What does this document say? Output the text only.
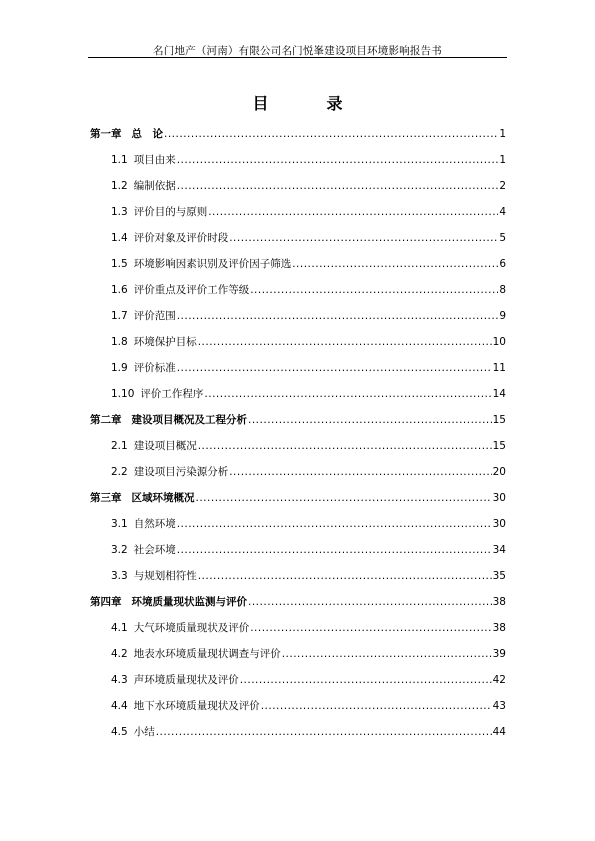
名门地产（河南）有限公司名门悦峯建设项目环境影响报告书
目	录
第一章 总　论 .....	1
1.1 项目由来 .....	1
1.2 编制依据 .....	2
1.3 评价目的与原则 .....	4
1.4 评价对象及评价时段 .....	5
1.5 环境影响因素识别及评价因子筛选 .....	6
1.6 评价重点及评价工作等级 .....	8
1.7 评价范围 .....	9
1.8 环境保护目标 .....	10
1.9 评价标准 .....	11
1.10 评价工作程序 .....	14
第二章 建设项目概况及工程分析 .....	15
2.1 建设项目概况 .....	15
2.2 建设项目污染源分析 .....	20
第三章 区域环境概况 .....	30
3.1 自然环境 .....	30
3.2 社会环境 .....	34
3.3 与规划相符性 .....	35
第四章 环境质量现状监测与评价 .....	38
4.1 大气环境质量现状及评价 .....	38
4.2 地表水环境质量现状调查与评价 .....	39
4.3 声环境质量现状及评价 .....	42
4.4 地下水环境质量现状及评价 .....	43
4.5 小结 .....	44
